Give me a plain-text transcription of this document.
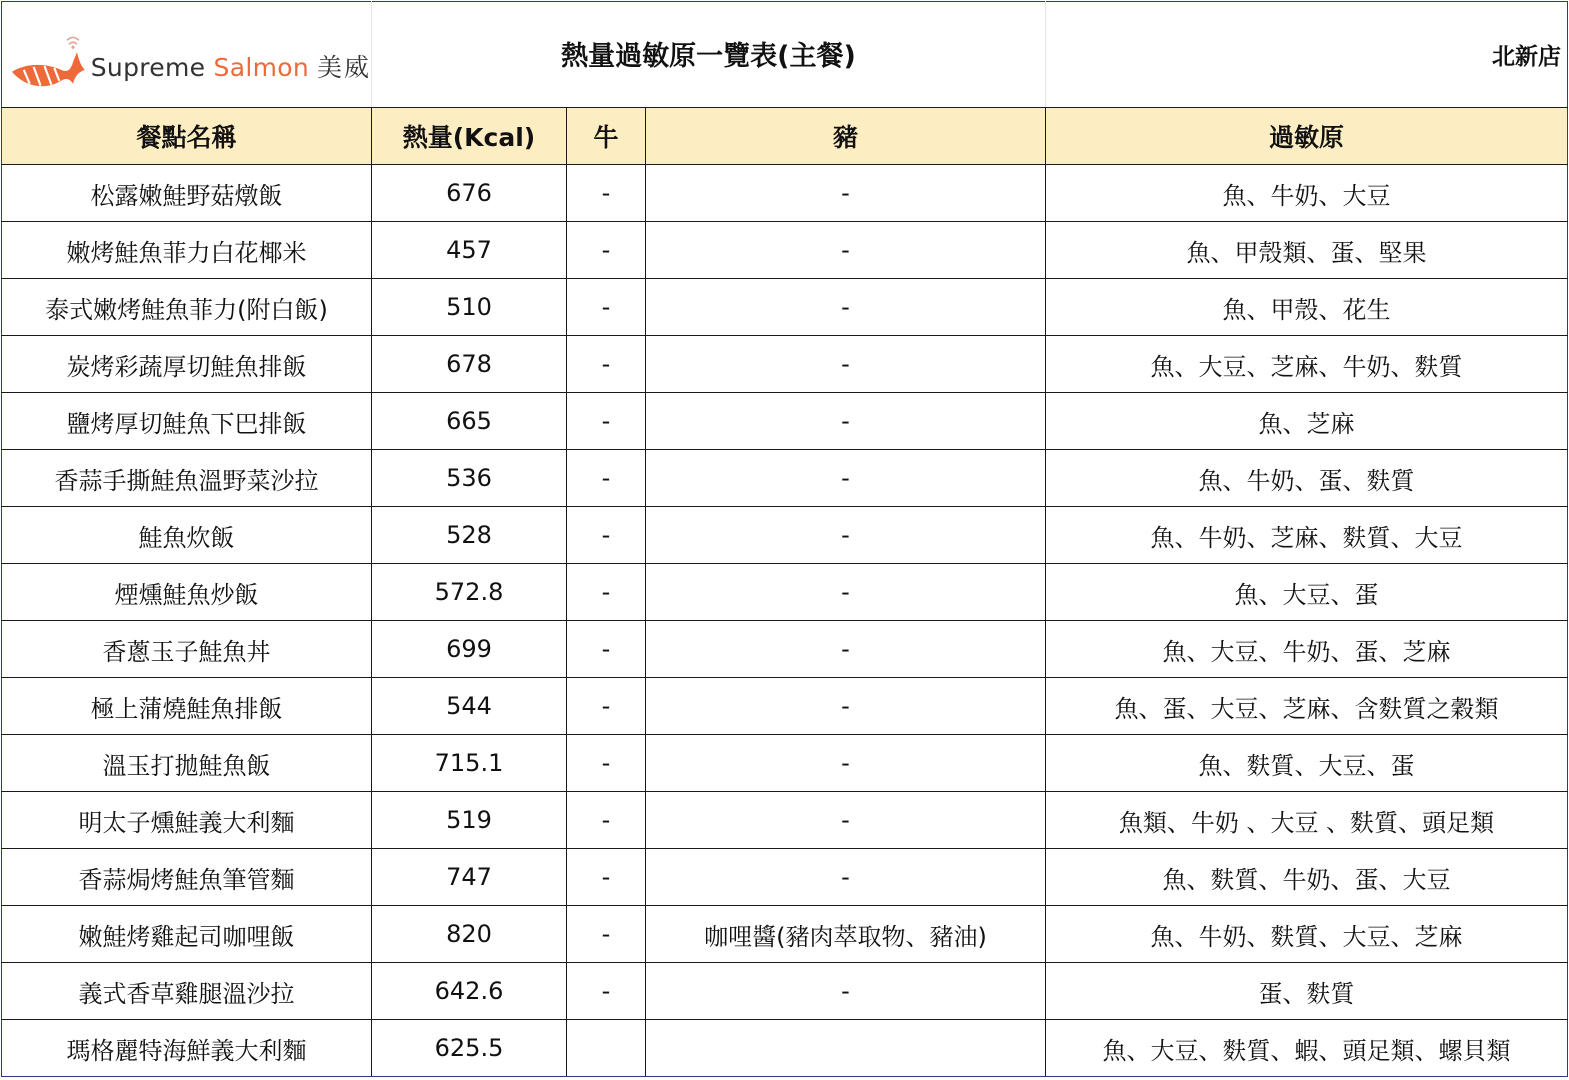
Supreme Salmon 美威	熱量過敏原一覽表(主餐)			北新店
餐點名稱	熱量(Kcal)	牛	豬	過敏原
松露嫩鮭野菇燉飯	676	-	-	魚、牛奶、大豆
嫩烤鮭魚菲力白花椰米	457	-	-	魚、甲殼類、蛋、堅果
泰式嫩烤鮭魚菲力(附白飯)	510	-	-	魚、甲殼、花生
炭烤彩蔬厚切鮭魚排飯	678	-	-	魚、大豆、芝麻、牛奶、麩質
鹽烤厚切鮭魚下巴排飯	665	-	-	魚、芝麻
香蒜手撕鮭魚溫野菜沙拉	536	-	-	魚、牛奶、蛋、麩質
鮭魚炊飯	528	-	-	魚、牛奶、芝麻、麩質、大豆
煙燻鮭魚炒飯	572.8	-	-	魚、大豆、蛋
香蔥玉子鮭魚丼	699	-	-	魚、大豆、牛奶、蛋、芝麻
極上蒲燒鮭魚排飯	544	-	-	魚、蛋、大豆、芝麻、含麩質之穀類
溫玉打拋鮭魚飯	715.1	-	-	魚、麩質、大豆、蛋
明太子燻鮭義大利麵	519	-	-	魚類、牛奶 、大豆 、麩質、頭足類
香蒜焗烤鮭魚筆管麵	747	-	-	魚、麩質、牛奶、蛋、大豆
嫩鮭烤雞起司咖哩飯	820	-	咖哩醬(豬肉萃取物、豬油)	魚、牛奶、麩質、大豆、芝麻
義式香草雞腿溫沙拉	642.6	-	-	蛋、麩質
瑪格麗特海鮮義大利麵	625.5			魚、大豆、麩質、蝦、頭足類、螺貝類
